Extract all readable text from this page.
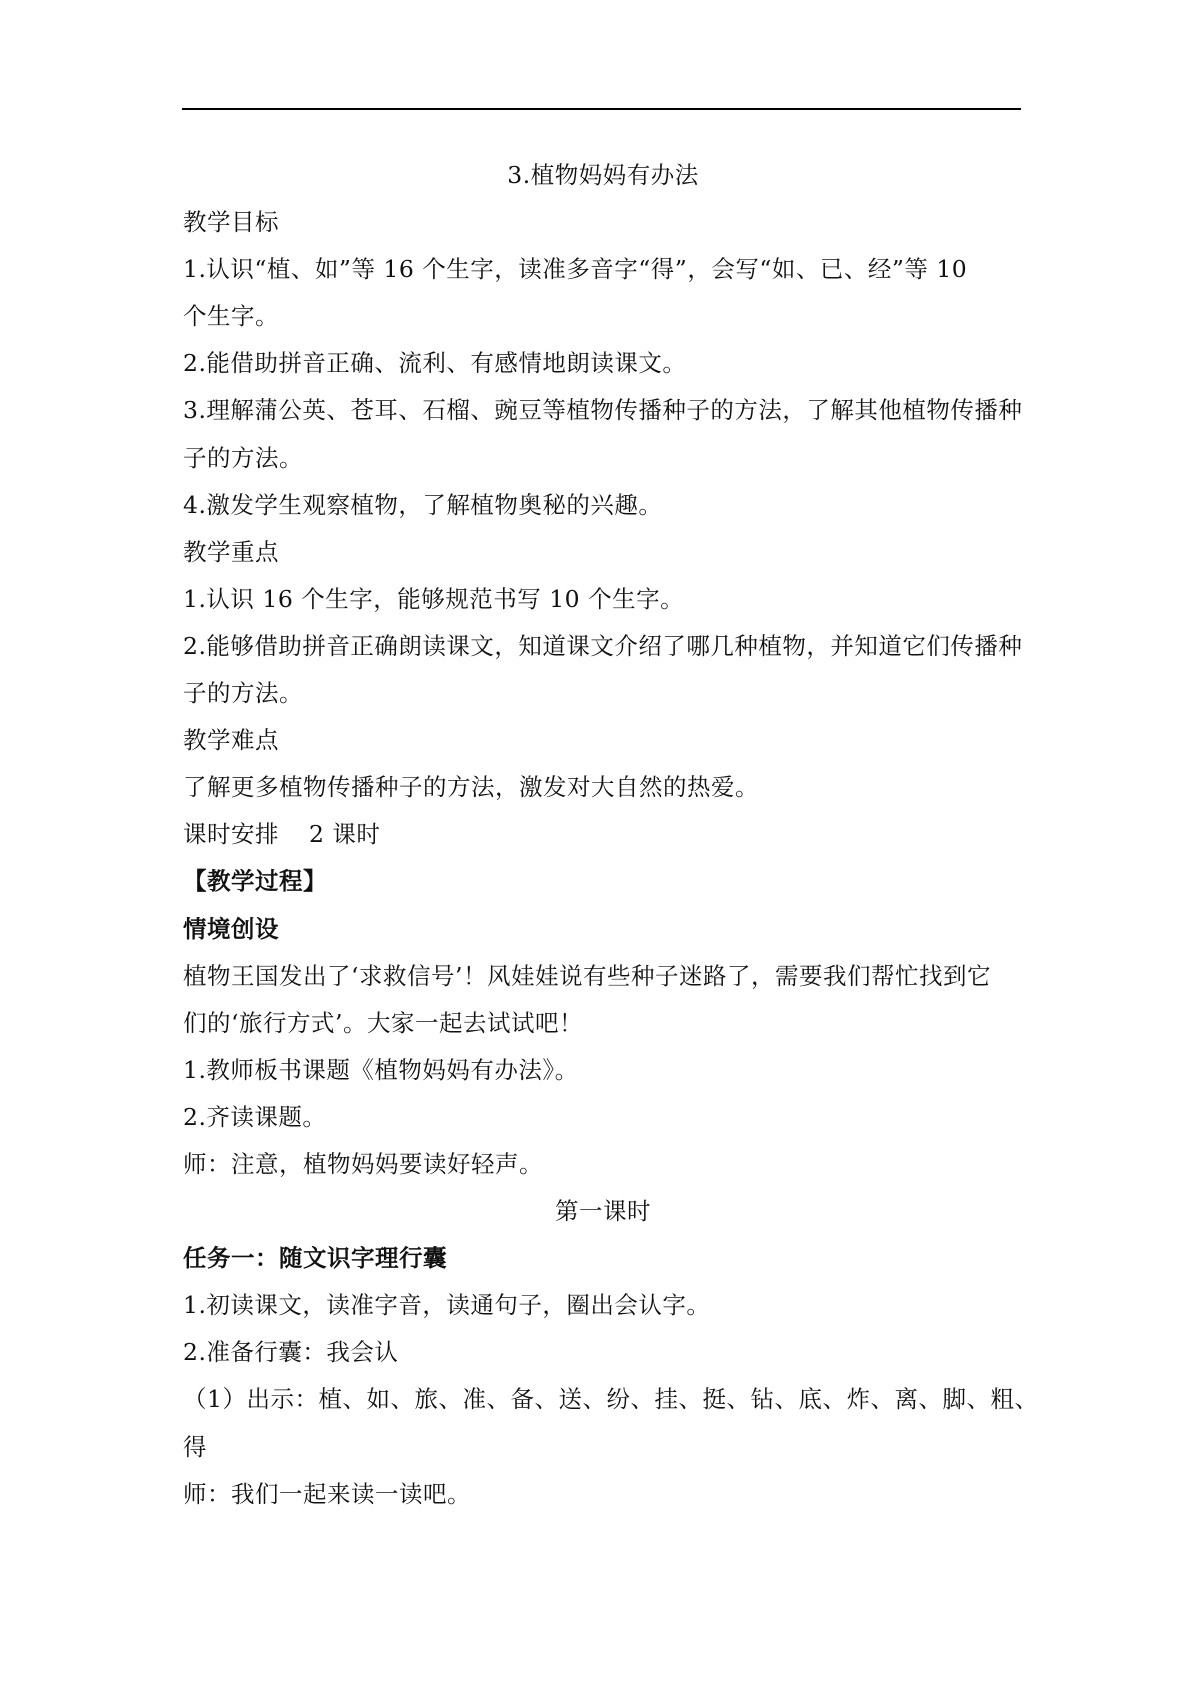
3.植物妈妈有办法
教学目标
1.认识“植、如”等 16 个生字，读准多音字“得”，会写“如、已、经”等 10
个生字。
2.能借助拼音正确、流利、有感情地朗读课文。
3.理解蒲公英、苍耳、石榴、豌豆等植物传播种子的方法，了解其他植物传播种
子的方法。
4.激发学生观察植物，了解植物奥秘的兴趣。
教学重点
1.认识 16 个生字，能够规范书写 10 个生字。
2.能够借助拼音正确朗读课文，知道课文介绍了哪几种植物，并知道它们传播种
子的方法。
教学难点
了解更多植物传播种子的方法，激发对大自然的热爱。
课时安排 2 课时
【教学过程】
情境创设
植物王国发出了‘求救信号’！风娃娃说有些种子迷路了，需要我们帮忙找到它
们的‘旅行方式’。大家一起去试试吧！
1.教师板书课题《植物妈妈有办法》。
2.齐读课题。
师：注意，植物妈妈要读好轻声。
第一课时
任务一：随文识字理行囊
1.初读课文，读准字音，读通句子，圈出会认字。
2.准备行囊：我会认
（1）出示：植、如、旅、准、备、送、纷、挂、挺、钻、底、炸、离、脚、粗、
得
师：我们一起来读一读吧。
